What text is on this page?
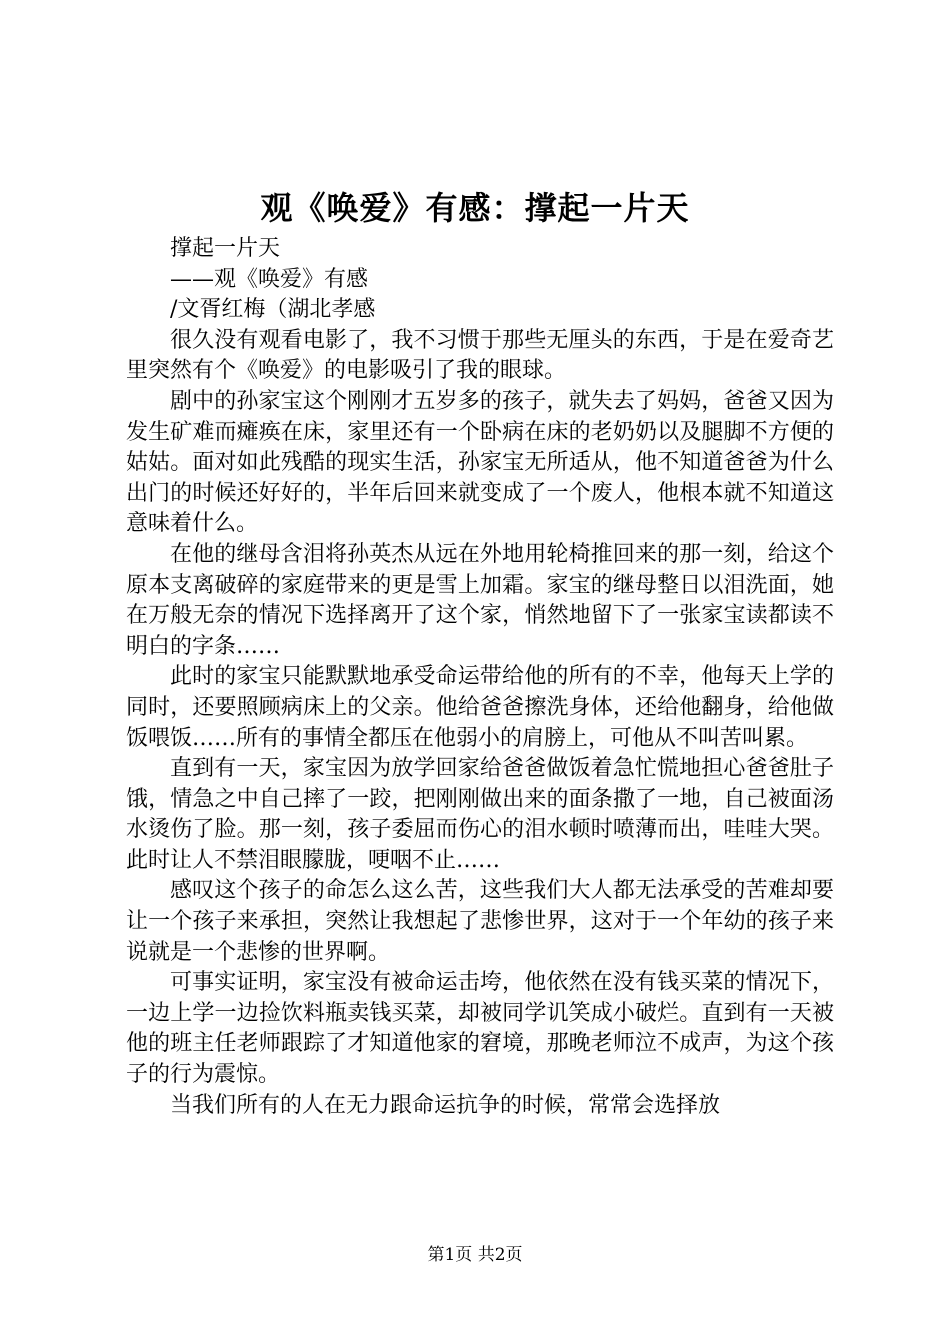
观《唤爱》有感：撑起一片天

撑起一片天

——观《唤爱》有感

/文胥红梅（湖北孝感

很久没有观看电影了，我不习惯于那些无厘头的东西，于是在爱奇艺里突然有个《唤爱》的电影吸引了我的眼球。

剧中的孙家宝这个刚刚才五岁多的孩子，就失去了妈妈，爸爸又因为发生矿难而瘫痪在床，家里还有一个卧病在床的老奶奶以及腿脚不方便的姑姑。面对如此残酷的现实生活，孙家宝无所适从，他不知道爸爸为什么出门的时候还好好的，半年后回来就变成了一个废人，他根本就不知道这意味着什么。

在他的继母含泪将孙英杰从远在外地用轮椅推回来的那一刻，给这个原本支离破碎的家庭带来的更是雪上加霜。家宝的继母整日以泪洗面，她在万般无奈的情况下选择离开了这个家，悄然地留下了一张家宝读都读不明白的字条……

此时的家宝只能默默地承受命运带给他的所有的不幸，他每天上学的同时，还要照顾病床上的父亲。他给爸爸擦洗身体，还给他翻身，给他做饭喂饭……所有的事情全都压在他弱小的肩膀上，可他从不叫苦叫累。

直到有一天，家宝因为放学回家给爸爸做饭着急忙慌地担心爸爸肚子饿，情急之中自己摔了一跤，把刚刚做出来的面条撒了一地，自己被面汤水烫伤了脸。那一刻，孩子委屈而伤心的泪水顿时喷薄而出，哇哇大哭。此时让人不禁泪眼朦胧，哽咽不止……

感叹这个孩子的命怎么这么苦，这些我们大人都无法承受的苦难却要让一个孩子来承担，突然让我想起了悲惨世界，这对于一个年幼的孩子来说就是一个悲惨的世界啊。

可事实证明，家宝没有被命运击垮，他依然在没有钱买菜的情况下，一边上学一边捡饮料瓶卖钱买菜，却被同学讥笑成小破烂。直到有一天被他的班主任老师跟踪了才知道他家的窘境，那晚老师泣不成声，为这个孩子的行为震惊。

当我们所有的人在无力跟命运抗争的时候，常常会选择放

第1页 共2页
